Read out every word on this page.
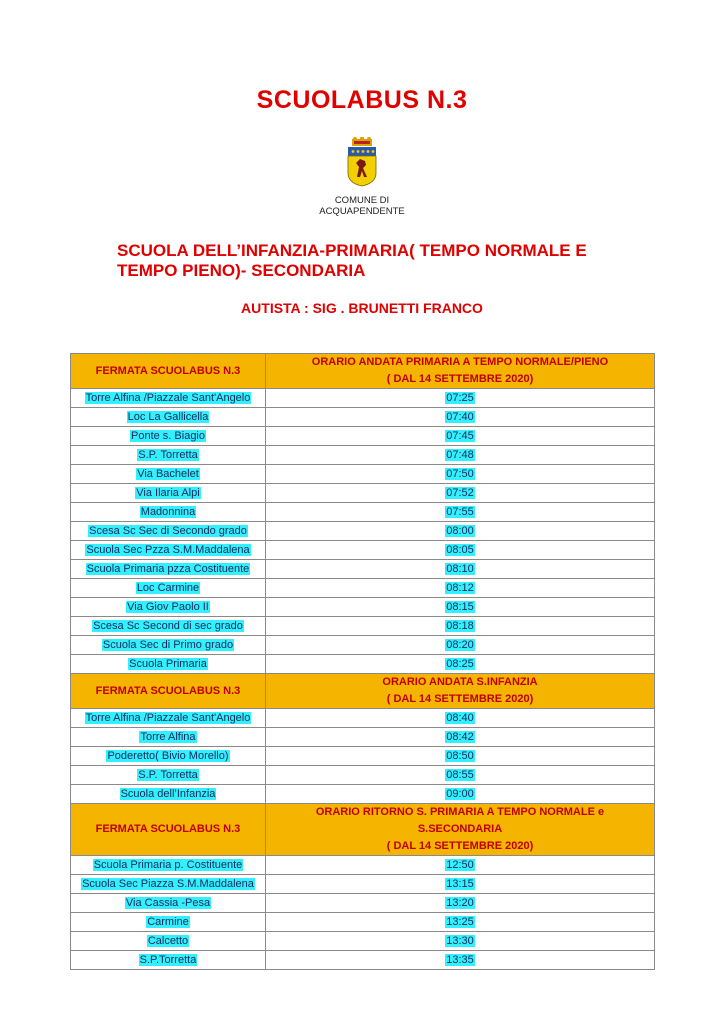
SCUOLABUS N.3
COMUNE DI
ACQUAPENDENTE
SCUOLA DELL’INFANZIA-PRIMARIA( TEMPO NORMALE E
TEMPO PIENO)- SECONDARIA
AUTISTA : SIG . BRUNETTI FRANCO
FERMATA SCUOLABUS N.3	ORARIO ANDATA PRIMARIA A TEMPO NORMALE/PIENO
( DAL 14 SETTEMBRE 2020)

Torre Alfina /Piazzale Sant'Angelo	07:25
Loc La Gallicella	07:40
Ponte s. Biagio	07:45
S.P. Torretta	07:48
Via Bachelet	07:50
Via Ilaria Alpi	07:52
Madonnina	07:55
Scesa Sc Sec di Secondo grado	08:00
Scuola Sec Pzza S.M.Maddalena	08:05
Scuola Primaria pzza Costituente	08:10
Loc Carmine	08:12
Via Giov Paolo II	08:15
Scesa Sc Second di sec grado	08:18
Scuola Sec di Primo grado	08:20
Scuola Primaria	08:25
FERMATA SCUOLABUS N.3	ORARIO ANDATA S.INFANZIA
( DAL 14 SETTEMBRE 2020)

Torre Alfina /Piazzale Sant'Angelo	08:40
Torre Alfina	08:42
Poderetto( Bivio Morello)	08:50
S.P. Torretta	08:55
Scuola dell’Infanzia	09:00
FERMATA SCUOLABUS N.3	ORARIO RITORNO S. PRIMARIA A TEMPO NORMALE e
S.SECONDARIA
( DAL 14 SETTEMBRE 2020)

Scuola Primaria p. Costituente	12:50
Scuola Sec Piazza S.M.Maddalena	13:15
Via Cassia -Pesa	13:20
Carmine	13:25
Calcetto	13:30
S.P.Torretta	13:35
